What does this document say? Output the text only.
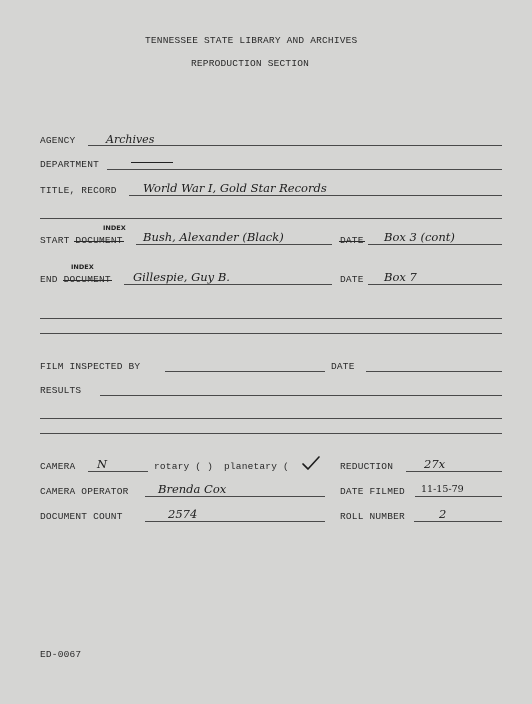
TENNESSEE STATE LIBRARY AND ARCHIVES
REPRODUCTION SECTION
AGENCY	Archives
DEPARTMENT
TITLE, RECORD World War I, Gold Star Records
INDEX
START DOCUMENT Bush, Alexander (Black)	DATE Box 3 (cont)
INDEX
END DOCUMENT Gillespie, Guy B.	DATE Box 7
FILM INSPECTED BY	DATE
RESULTS
CAMERA N	rotary ( ) planetary (	REDUCTION	27x
CAMERA OPERATOR	Brenda Cox	DATE FILMED 11-15-79
DOCUMENT COUNT	2574	ROLL NUMBER	2
ED-0067
